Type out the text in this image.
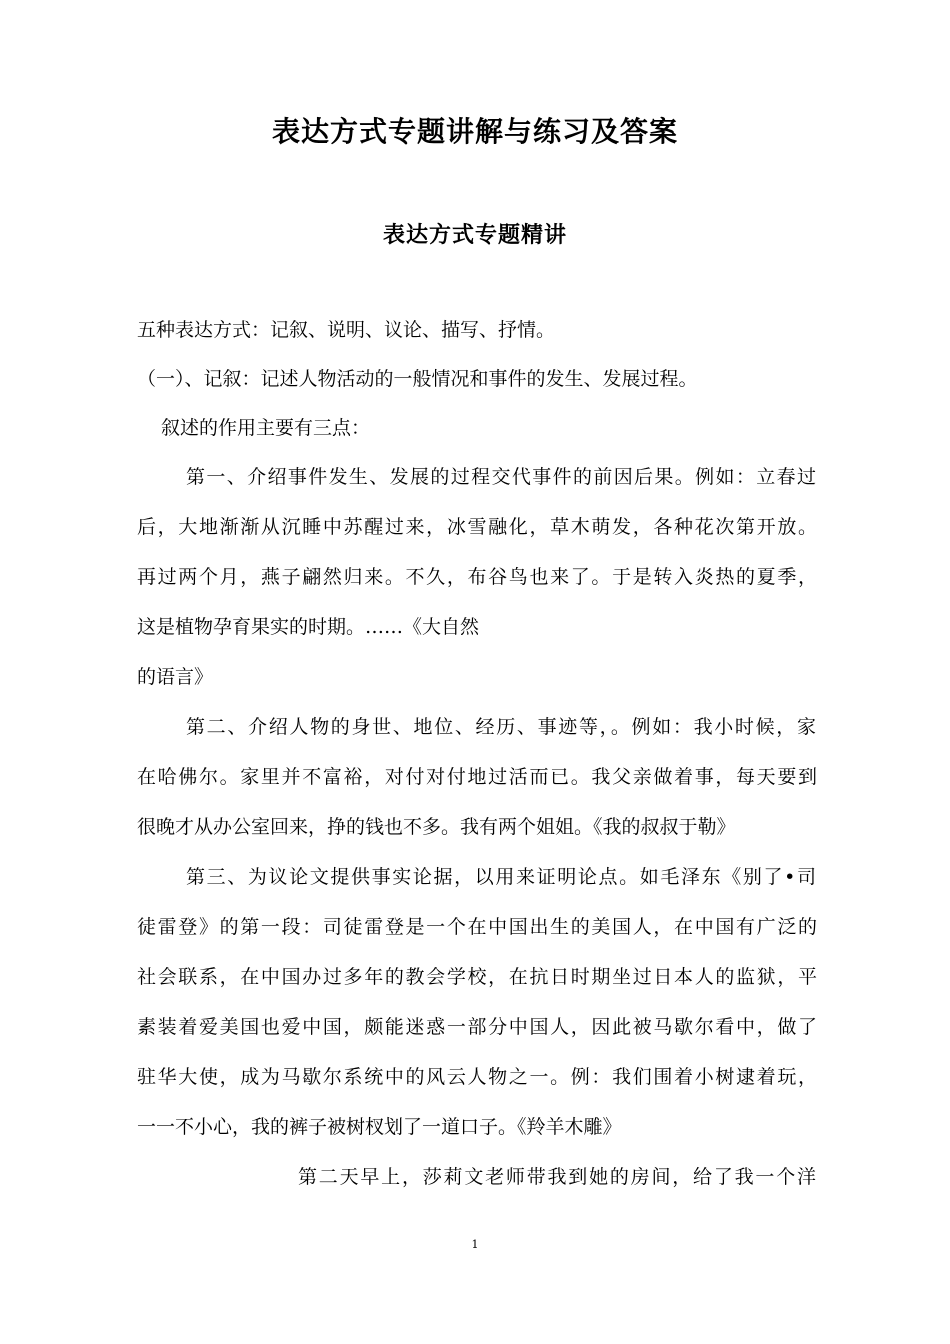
表达方式专题讲解与练习及答案
表达方式专题精讲
五种表达方式：记叙、说明、议论、描写、抒情。
（一）、记叙：记述人物活动的一般情况和事件的发生、发展过程。
叙述的作用主要有三点：
第一、介绍事件发生、发展的过程交代事件的前因后果。例如：立春过
后，大地渐渐从沉睡中苏醒过来，冰雪融化，草木萌发，各种花次第开放。
再过两个月，燕子翩然归来。不久，布谷鸟也来了。于是转入炎热的夏季，
这是植物孕育果实的时期。……《大自然
的语言》
第二、介绍人物的身世、地位、经历、事迹等，。例如：我小时候，家
在哈佛尔。家里并不富裕，对付对付地过活而已。我父亲做着事，每天要到
很晚才从办公室回来，挣的钱也不多。我有两个姐姐。《我的叔叔于勒》
第三、为议论文提供事实论据，以用来证明论点。如毛泽东《别了•司
徒雷登》的第一段：司徒雷登是一个在中国出生的美国人，在中国有广泛的
社会联系，在中国办过多年的教会学校，在抗日时期坐过日本人的监狱，平
素装着爱美国也爱中国，颇能迷惑一部分中国人，因此被马歇尔看中，做了
驻华大使，成为马歇尔系统中的风云人物之一。例：我们围着小树逮着玩，
一一不小心，我的裤子被树杈划了一道口子。《羚羊木雕》
第二天早上，莎莉文老师带我到她的房间，给了我一个洋
1
